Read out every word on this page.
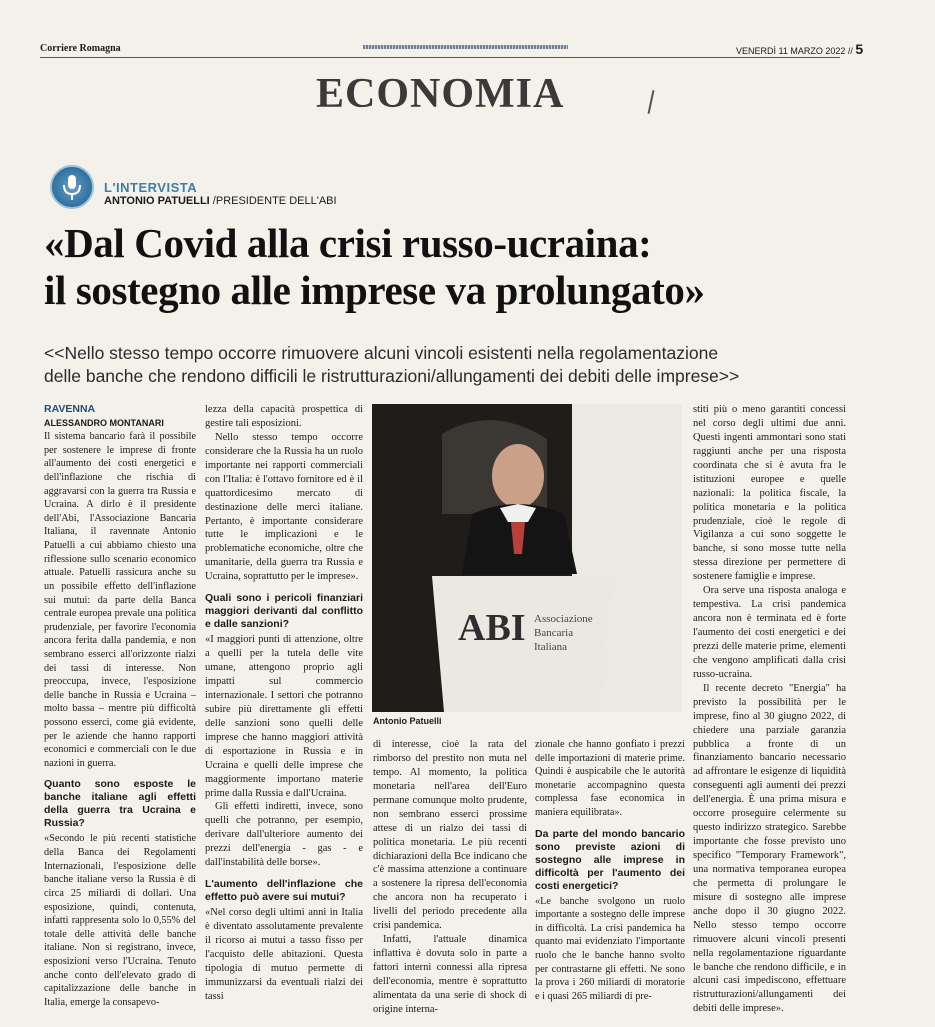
Corriere Romagna	VENERDÌ 11 MARZO 2022 // 5
ECONOMIA
L'INTERVISTA
ANTONIO PATUELLI /PRESIDENTE DELL'ABI
«Dal Covid alla crisi russo-ucraina:
il sostegno alle imprese va prolungato»
<<Nello stesso tempo occorre rimuovere alcuni vincoli esistenti nella regolamentazione
delle banche che rendono difficili le ristrutturazioni/allungamenti dei debiti delle imprese>>
RAVENNA
ALESSANDRO MONTANARI

Il sistema bancario farà il possibile per sostenere le imprese di fronte all'aumento dei costi energetici e dell'inflazione che rischia di aggravarsi con la guerra tra Russia e Ucraina. A dirlo è il presidente dell'Abi, l'Associazione Bancaria Italiana, il ravennate Antonio Patuelli a cui abbiamo chiesto una riflessione sullo scenario economico attuale. Patuelli rassicura anche su un possibile effetto dell'inflazione sui mutui: da parte della Banca centrale europea prevale una politica prudenziale, per favorire l'economia ancora ferita dalla pandemia, e non sembrano esserci all'orizzonte rialzi dei tassi di interesse. Non preoccupa, invece, l'esposizione delle banche in Russia e Ucraina – molto bassa – mentre più difficoltà possono esserci, come già evidente, per le aziende che hanno rapporti economici e commerciali con le due nazioni in guerra.

Quanto sono esposte le banche italiane agli effetti della guerra tra Ucraina e Russia?

«Secondo le più recenti statistiche della Banca dei Regolamenti Internazionali, l'esposizione delle banche italiane verso la Russia è di circa 25 miliardi di dollari. Una esposizione, quindi, contenuta, infatti rappresenta solo lo 0,55% del totale delle attività delle banche italiane. Non si registrano, invece, esposizioni verso l'Ucraina. Tenuto anche conto dell'elevato grado di capitalizzazione delle banche in Italia, emerge la consapevo-

lezza della capacità prospettica di gestire tali esposizioni.

Nello stesso tempo occorre considerare che la Russia ha un ruolo importante nei rapporti commerciali con l'Italia: è l'ottavo fornitore ed è il quattordicesimo mercato di destinazione delle merci italiane. Pertanto, è importante considerare tutte le implicazioni e le problematiche economiche, oltre che umanitarie, della guerra tra Russia e Ucraina, soprattutto per le imprese».

Quali sono i pericoli finanziari maggiori derivanti dal conflitto e dalle sanzioni?

«I maggiori punti di attenzione, oltre a quelli per la tutela delle vite umane, attengono proprio agli impatti sul commercio internazionale. I settori che potranno subire più direttamente gli effetti delle sanzioni sono quelli delle imprese che hanno maggiori attività di esportazione in Russia e in Ucraina e quelli delle imprese che maggiormente importano materie prime dalla Russia e dall'Ucraina.

Gli effetti indiretti, invece, sono quelli che potranno, per esempio, derivare dall'ulteriore aumento dei prezzi dell'energia - gas - e dall'instabilità delle borse».

L'aumento dell'inflazione che effetto può avere sui mutui?

«Nel corso degli ultimi anni in Italia è diventato assolutamente prevalente il ricorso ai mutui a tasso fisso per l'acquisto delle abitazioni. Questa tipologia di mutuo permette di immunizzarsi da eventuali rialzi dei tassi

ABI Associazione
Bancaria
Italiana
Antonio Patuelli

di interesse, cioè la rata del rimborso del prestito non muta nel tempo. Al momento, la politica monetaria nell'area dell'Euro permane comunque molto prudente, non sembrano esserci prossime attese di un rialzo dei tassi di politica monetaria. Le più recenti dichiarazioni della Bce indicano che c'è massima attenzione a continuare a sostenere la ripresa dell'economia che ancora non ha recuperato i livelli del periodo precedente alla crisi pandemica.

Infatti, l'attuale dinamica inflattiva è dovuta solo in parte a fattori interni connessi alla ripresa dell'economia, mentre è soprattutto alimentata da una serie di shock di origine interna-

zionale che hanno gonfiato i prezzi delle importazioni di materie prime. Quindi è auspicabile che le autorità monetarie accompagnino questa complessa fase economica in maniera equilibrata».

Da parte del mondo bancario sono previste azioni di sostegno alle imprese in difficoltà per l'aumento dei costi energetici?

«Le banche svolgono un ruolo importante a sostegno delle imprese in difficoltà. La crisi pandemica ha quanto mai evidenziato l'importante ruolo che le banche hanno svolto per contrastarne gli effetti. Ne sono la prova i 260 miliardi di moratorie e i quasi 265 miliardi di pre-

stiti più o meno garantiti concessi nel corso degli ultimi due anni. Questi ingenti ammontari sono stati raggiunti anche per una risposta coordinata che si è avuta fra le istituzioni europee e quelle nazionali: la politica fiscale, la politica monetaria e la politica prudenziale, cioè le regole di Vigilanza a cui sono soggette le banche, si sono mosse tutte nella stessa direzione per permettere di sostenere famiglie e imprese.

Ora serve una risposta analoga e tempestiva. La crisi pandemica ancora non è terminata ed è forte l'aumento dei costi energetici e dei prezzi delle materie prime, elementi che vengono amplificati dalla crisi russo-ucraina.

Il recente decreto "Energia" ha previsto la possibilità per le imprese, fino al 30 giugno 2022, di chiedere una parziale garanzia pubblica a fronte di un finanziamento bancario necessario ad affrontare le esigenze di liquidità conseguenti agli aumenti dei prezzi dell'energia. È una prima misura e occorre proseguire celermente su questo indirizzo strategico. Sarebbe importante che fosse previsto uno specifico "Temporary Framework", una normativa temporanea europea che permetta di prolungare le misure di sostegno alle imprese anche dopo il 30 giugno 2022. Nello stesso tempo occorre rimuovere alcuni vincoli presenti nella regolamentazione riguardante le banche che rendono difficile, e in alcuni casi impediscono, effettuare ristrutturazioni/allungamenti dei debiti delle imprese».
